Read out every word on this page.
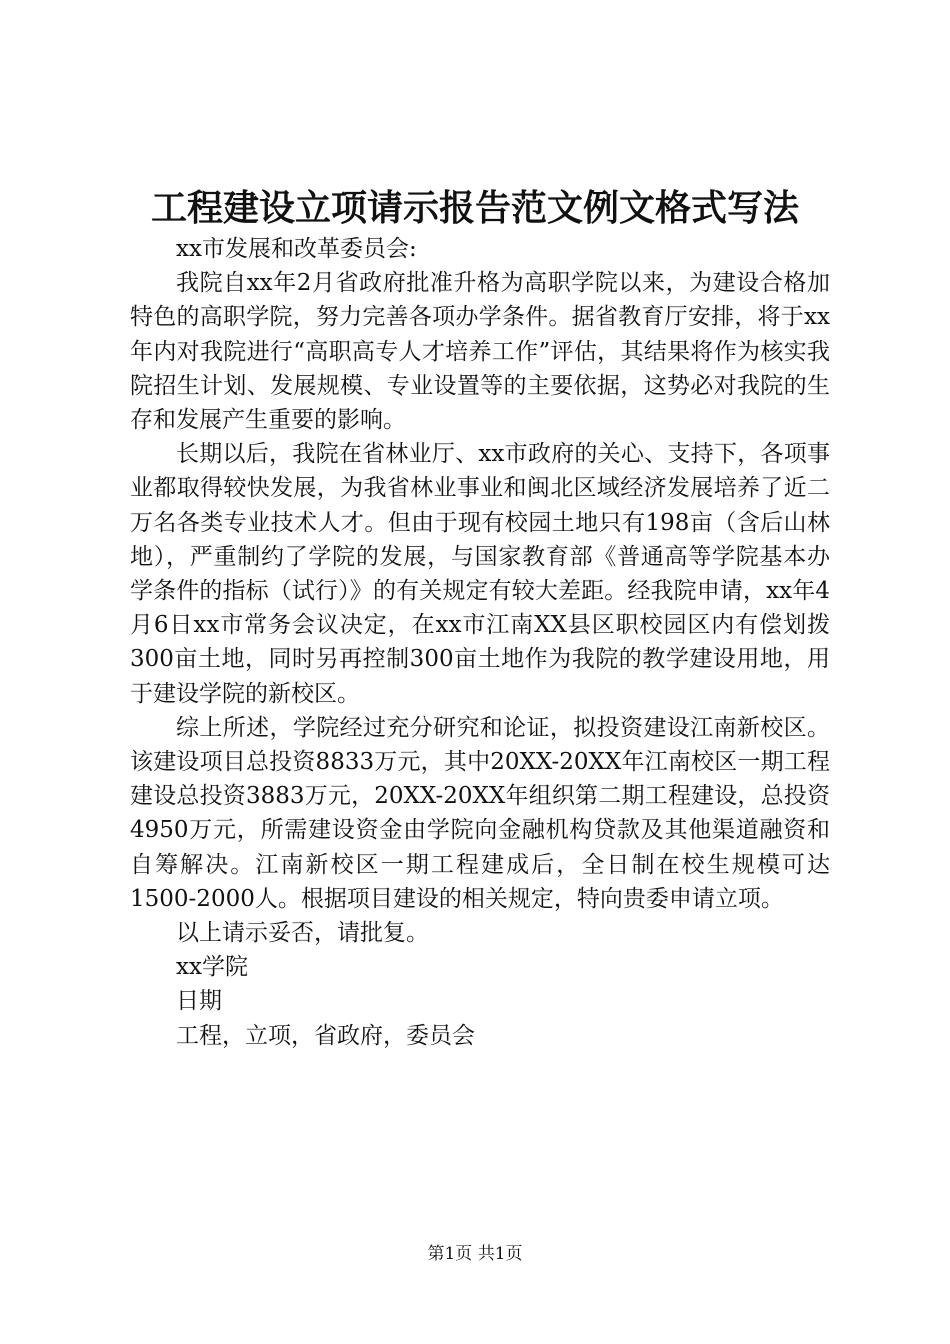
工程建设立项请示报告范文例文格式写法

xx市发展和改革委员会:

我院自xx年2月省政府批准升格为高职学院以来，为建设合格加特色的高职学院，努力完善各项办学条件。据省教育厅安排，将于xx年内对我院进行“高职高专人才培养工作”评估，其结果将作为核实我院招生计划、发展规模、专业设置等的主要依据，这势必对我院的生存和发展产生重要的影响。

长期以后，我院在省林业厅、xx市政府的关心、支持下，各项事业都取得较快发展，为我省林业事业和闽北区域经济发展培养了近二万名各类专业技术人才。但由于现有校园土地只有198亩（含后山林地），严重制约了学院的发展，与国家教育部《普通高等学院基本办学条件的指标（试行）》的有关规定有较大差距。经我院申请，xx年4月6日xx市常务会议决定，在xx市江南XX县区职校园区内有偿划拨300亩土地，同时另再控制300亩土地作为我院的教学建设用地，用于建设学院的新校区。

综上所述，学院经过充分研究和论证，拟投资建设江南新校区。该建设项目总投资8833万元，其中20XX-20XX年江南校区一期工程建设总投资3883万元，20XX-20XX年组织第二期工程建设，总投资4950万元，所需建设资金由学院向金融机构贷款及其他渠道融资和自筹解决。江南新校区一期工程建成后，全日制在校生规模可达1500-2000人。根据项目建设的相关规定，特向贵委申请立项。

以上请示妥否，请批复。

xx学院

日期

工程，立项，省政府，委员会

第1页 共1页
